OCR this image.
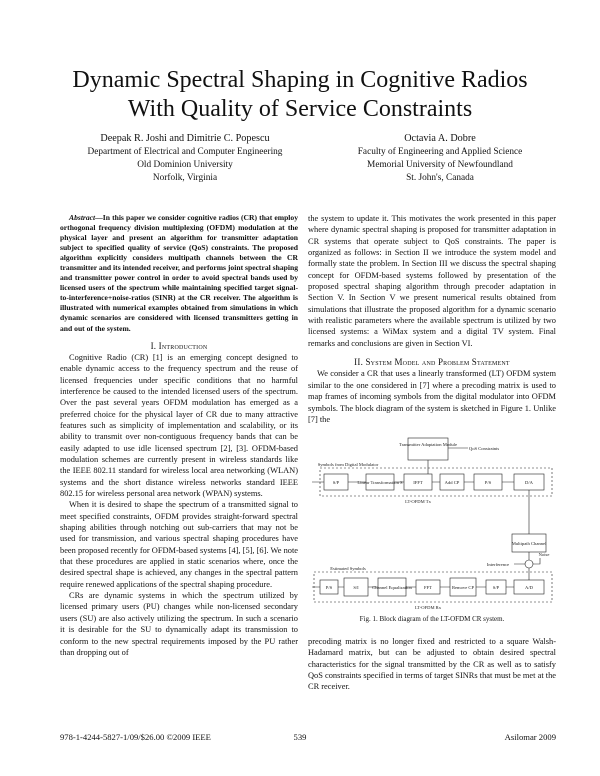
Dynamic Spectral Shaping in Cognitive Radios
With Quality of Service Constraints
Deepak R. Joshi and Dimitrie C. Popescu
Department of Electrical and Computer Engineering
Old Dominion University
Norfolk, Virginia
Octavia A. Dobre
Faculty of Engineering and Applied Science
Memorial University of Newfoundland
St. John's, Canada

Abstract—In this paper we consider cognitive radios (CR) that employ orthogonal frequency division multiplexing (OFDM) modulation at the physical layer and present an algorithm for transmitter adaptation subject to specified quality of service (QoS) constraints. The proposed algorithm explicitly considers multipath channels between the CR transmitter and its intended receiver, and performs joint spectral shaping and transmitter power control in order to avoid spectral bands used by licensed users of the spectrum while maintaining specified target signal-to-interference+noise-ratios (SINR) at the CR receiver. The algorithm is illustrated with numerical examples obtained from simulations in which dynamic scenarios are considered with licensed transmitters getting in and out of the system.

I. Introduction

Cognitive Radio (CR) [1] is an emerging concept designed to enable dynamic access to the frequency spectrum and the reuse of licensed frequencies under specific conditions that no harmful interference be caused to the intended licensed users of the spectrum. Over the past several years OFDM modulation has emerged as a preferred choice for the physical layer of CR due to many attractive features such as simplicity of implementation and scalability, or its ability to transmit over non-contiguous frequency bands that can be easily adapted to use idle licensed spectrum [2], [3]. OFDM-based modulation schemes are currently present in wireless standards like the IEEE 802.11 standard for wireless local area networking (WLAN) systems and the short distance wireless networks standard IEEE 802.15 for wireless personal area network (WPAN) systems.

When it is desired to shape the spectrum of a transmitted signal to meet specified constraints, OFDM provides straight-forward spectral shaping abilities through notching out sub-carriers that may not be used for transmission, and various spectral shaping procedures have been proposed recently for OFDM-based systems [4], [5], [6]. We note that these procedures are applied in static scenarios where, once the desired spectral shape is achieved, any changes in the spectral pattern require renewed applications of the spectral shaping procedure.

CRs are dynamic systems in which the spectrum utilized by licensed primary users (PU) changes while non-licensed secondary users (SU) are also actively utilizing the spectrum. In such a scenario it is desirable for the SU to dynamically adapt its transmission to conform to the new spectral requirements imposed by the PU rather than dropping out of

the system to update it. This motivates the work presented in this paper where dynamic spectral shaping is proposed for transmitter adaptation in CR systems that operate subject to QoS constraints. The paper is organized as follows: in Section II we introduce the system model and formally state the problem. In Section III we discuss the spectral shaping concept for OFDM-based systems followed by presentation of the proposed spectral shaping algorithm through precoder adaptation in Section V. In Section V we present numerical results obtained from simulations that illustrate the proposed algorithm for a dynamic scenario with realistic parameters where the available spectrum is utilized by two licensed systems: a WiMax system and a digital TV system. Final remarks and conclusions are given in Section VI.

II. System Model and Problem Statement

We consider a CR that uses a linearly transformed (LT) OFDM system similar to the one considered in [7] where a precoding matrix is used to map frames of incoming symbols from the digital modulator into OFDM symbols. The block diagram of the system is sketched in Figure 1. Unlike [7] the

Transmitter Adaptation Module
QoS Constraints
S/P	Linear Transformation S IFFT	Add CP	P/S	D/A
LT-OFDM Tx
Multipath Channel
Noise
Interference
P/S	S/I	Channel Equalization	FFT	Remove CP	S/P	A/D
LT-OFDM Rx
Symbols from Digital Modulator
Estimated Symbols
Fig. 1. Block diagram of the LT-OFDM CR system.

precoding matrix is no longer fixed and restricted to a square Walsh-Hadamard matrix, but can be adjusted to obtain desired spectral characteristics for the signal transmitted by the CR as well as to satisfy QoS constraints specified in terms of target SINRs that must be met at the CR receiver.

978-1-4244-5827-1/09/$26.00 ©2009 IEEE	539	Asilomar 2009
